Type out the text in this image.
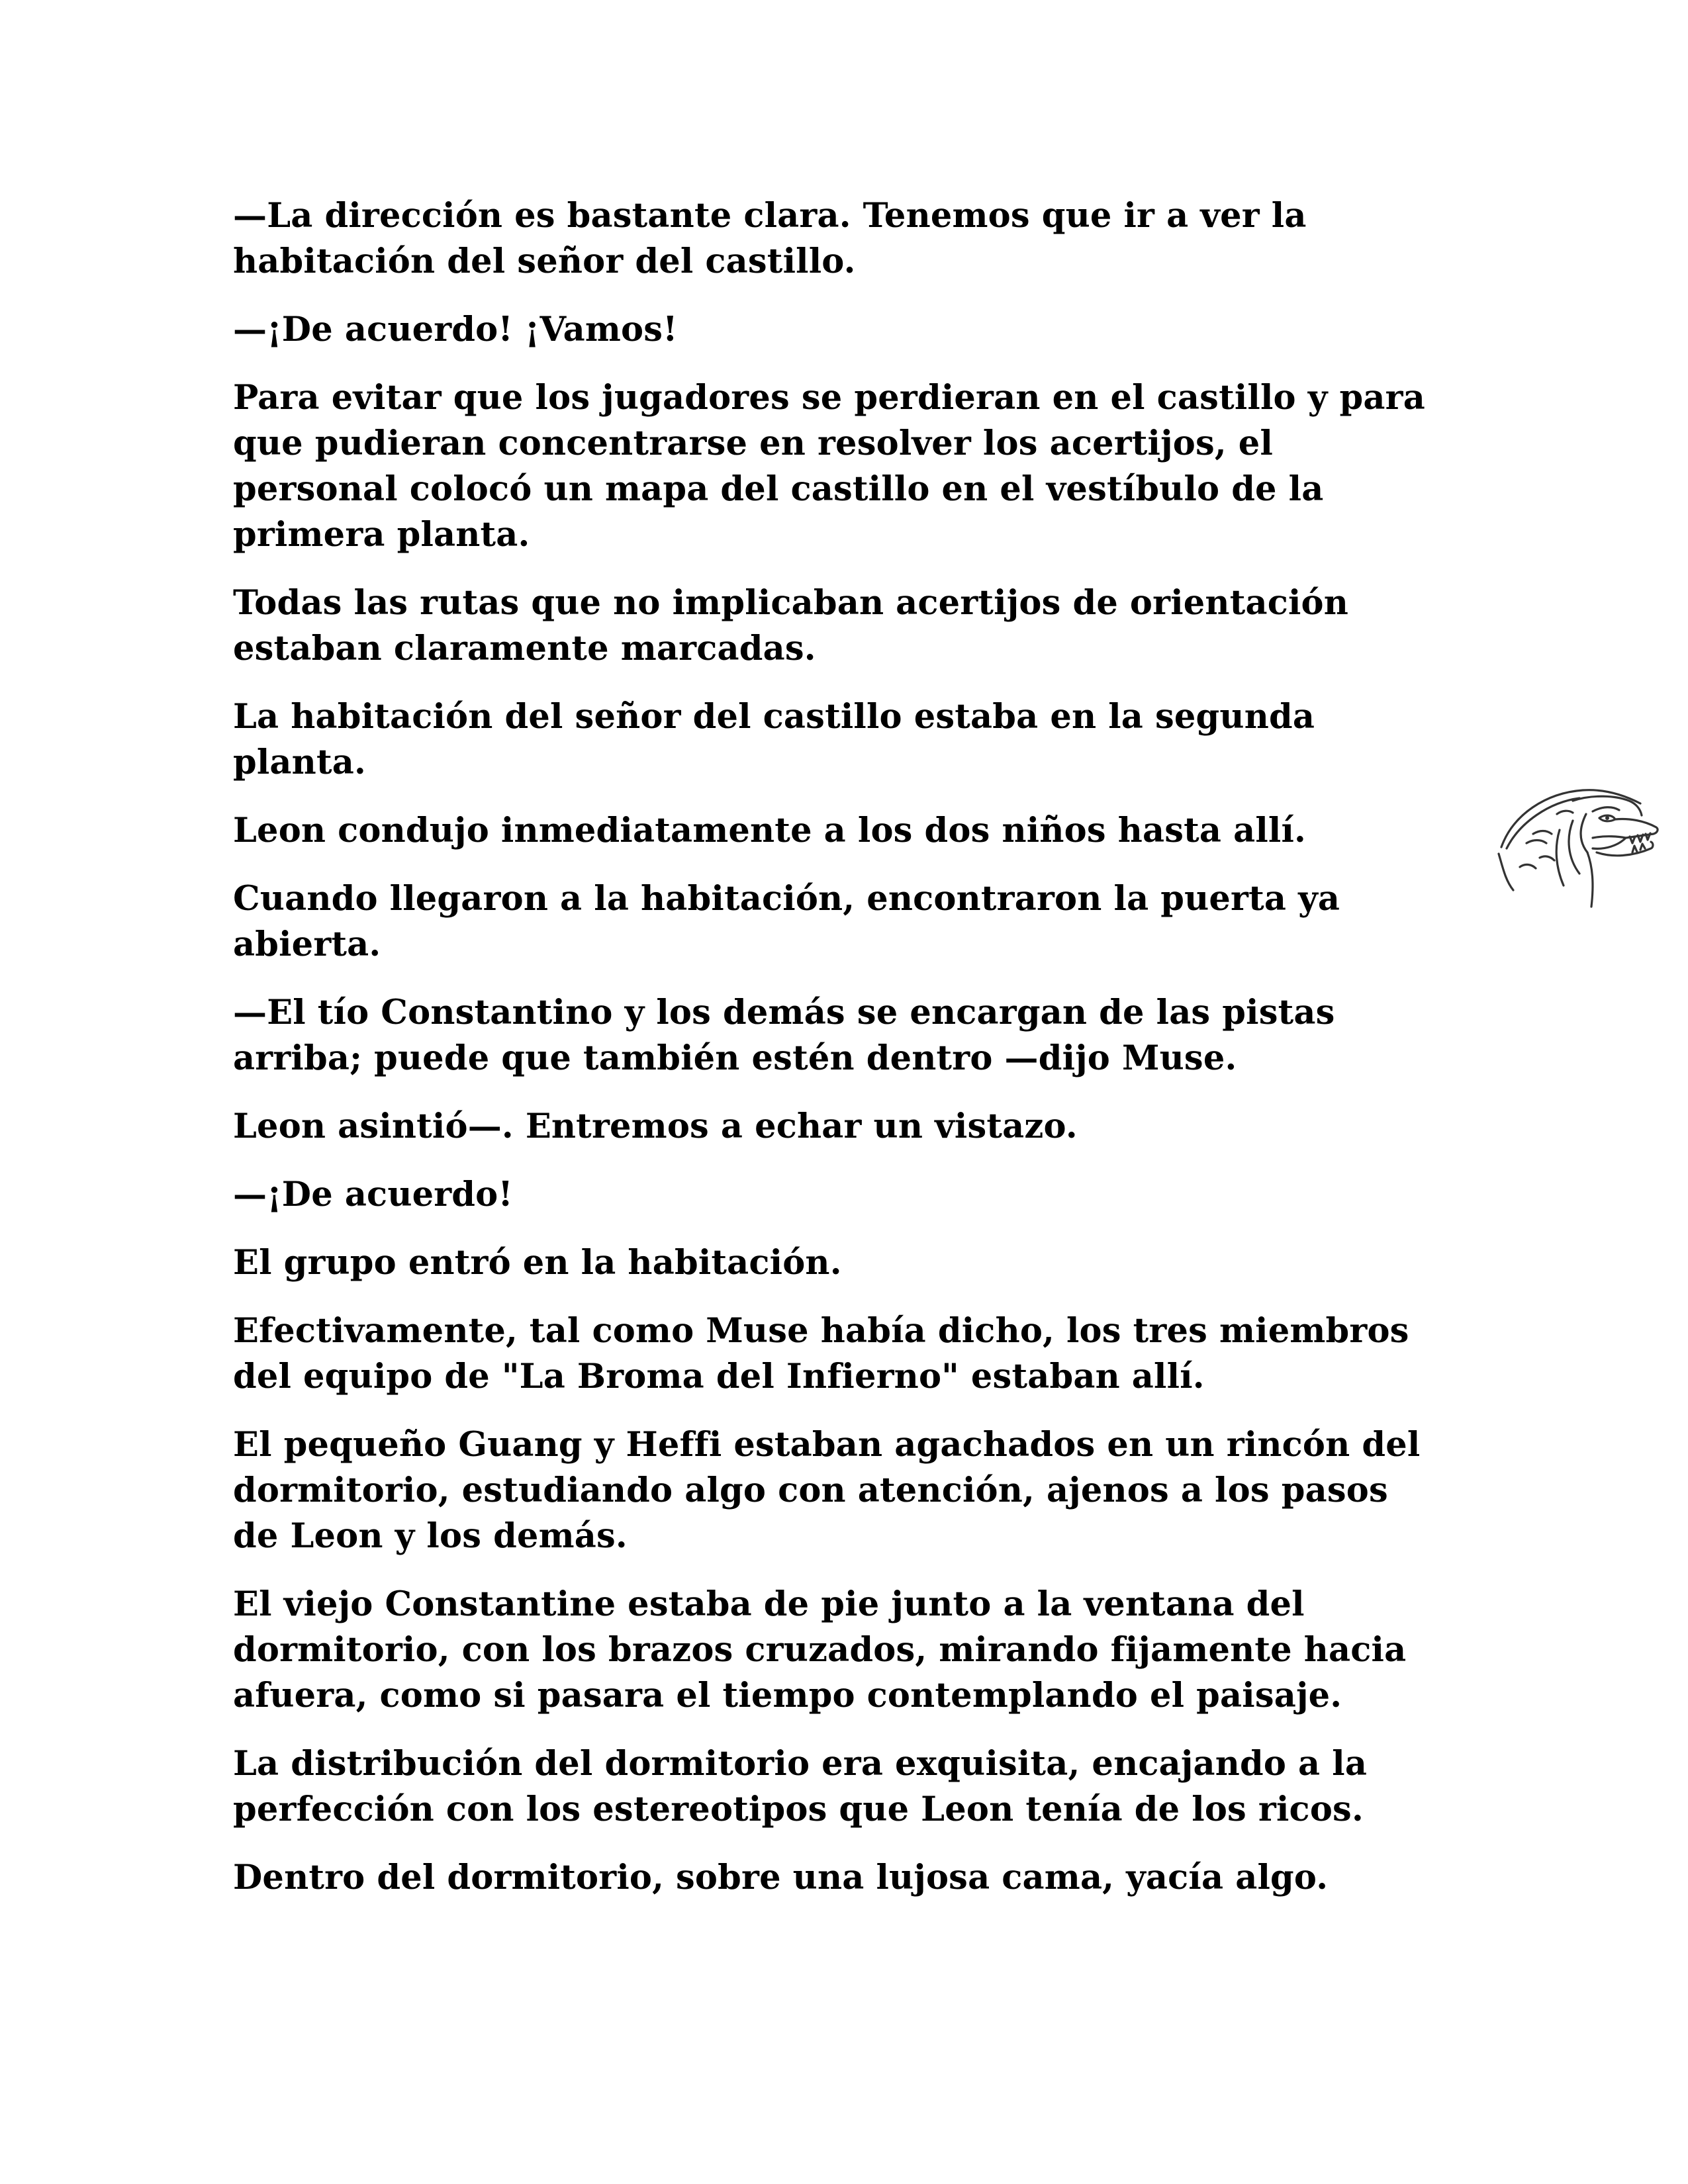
—La dirección es bastante clara. Tenemos que ir a ver la habitación del señor del castillo.

—¡De acuerdo! ¡Vamos!

Para evitar que los jugadores se perdieran en el castillo y para que pudieran concentrarse en resolver los acertijos, el personal colocó un mapa del castillo en el vestíbulo de la primera planta.

Todas las rutas que no implicaban acertijos de orientación estaban claramente marcadas.

La habitación del señor del castillo estaba en la segunda planta.

Leon condujo inmediatamente a los dos niños hasta allí.

Cuando llegaron a la habitación, encontraron la puerta ya abierta.

—El tío Constantino y los demás se encargan de las pistas arriba; puede que también estén dentro —dijo Muse.

Leon asintió—. Entremos a echar un vistazo.

—¡De acuerdo!

El grupo entró en la habitación.

Efectivamente, tal como Muse había dicho, los tres miembros del equipo de "La Broma del Infierno" estaban allí.

El pequeño Guang y Heffi estaban agachados en un rincón del dormitorio, estudiando algo con atención, ajenos a los pasos de Leon y los demás.

El viejo Constantine estaba de pie junto a la ventana del dormitorio, con los brazos cruzados, mirando fijamente hacia afuera, como si pasara el tiempo contemplando el paisaje.

La distribución del dormitorio era exquisita, encajando a la perfección con los estereotipos que Leon tenía de los ricos.

Dentro del dormitorio, sobre una lujosa cama, yacía algo.
